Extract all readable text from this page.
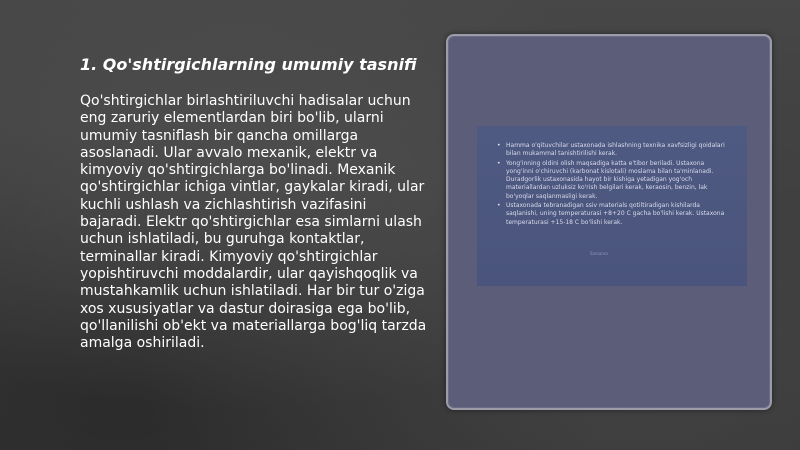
1. Qo'shtirgichlarning umumiy tasnifi

Qo'shtirgichlar birlashtiriluvchi hadisalar uchun eng zaruriy elementlardan biri bo'lib, ularni umumiy tasniflash bir qancha omillarga asoslanadi. Ular avvalo mexanik, elektr va kimyoviy qo'shtirgichlarga bo'linadi. Mexanik qo'shtirgichlar ichiga vintlar, gaykalar kiradi, ular kuchli ushlash va zichlashtirish vazifasini bajaradi. Elektr qo'shtirgichlar esa simlarni ulash uchun ishlatiladi, bu guruhga kontaktlar, terminallar kiradi. Kimyoviy qo'shtirgichlar yopishtiruvchi moddalardir, ular qayishqoqlik va mustahkamlik uchun ishlatiladi. Har bir tur o'ziga xos xususiyatlar va dastur doirasiga ega bo'lib, qo'llanilishi ob'ekt va materiallarga bog'liq tarzda amalga oshiriladi.

• Hamma o'qituvchilar ustaxonada ishlashning texnika xavfsizligi qoidalari bilan mukammal tanishtirilishi kerak.
• Yong'inning oldini olish maqsadiga katta e'tibor beriladi. Ustaxona yong'inni o'chiruvchi (karbonat kislotali) moslama bilan ta'minlanadi. Duradgorlik ustaxonasida hayot bir kishiga yetadigan yog'och materiallardan uzluksiz ko'rish belgilari kerak, keraosin, benzin, lak bo'yoqlar saqlanmasligi kerak.
• Ustaxonada tebranadigan ssiv materials qotiltiradigan kishilarda saqlanishi, uning temperaturasi +8+20 C gacha bo'lishi kerak. Ustaxona temperaturasi +15-18 C bo'lishi kerak.
Samaroa
